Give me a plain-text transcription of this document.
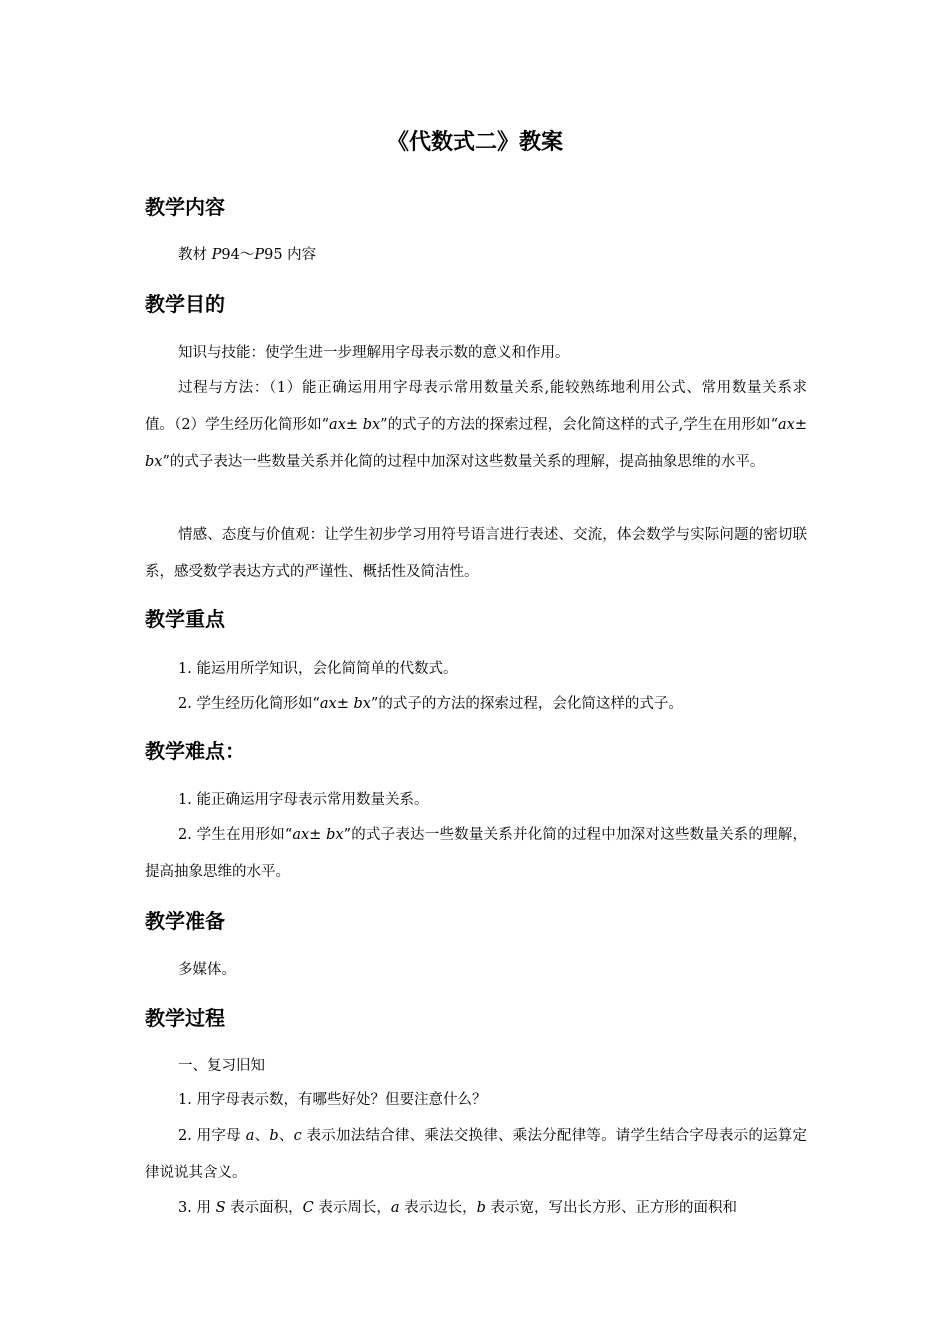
《代数式二》教案
教学内容

教材 P94～P95 内容

教学目的

知识与技能：使学生进一步理解用字母表示数的意义和作用。

过程与方法：（1）能正确运用用字母表示常用数量关系,能较熟练地利用公式、常用数量关系求值。（2）学生经历化简形如“ax± bx”的式子的方法的探索过程，会化简这样的式子,学生在用形如“ax± bx”的式子表达一些数量关系并化简的过程中加深对这些数量关系的理解，提高抽象思维的水平。

情感、态度与价值观：让学生初步学习用符号语言进行表述、交流，体会数学与实际问题的密切联系，感受数学表达方式的严谨性、概括性及简洁性。

教学重点

1. 能运用所学知识，会化简简单的代数式。

2. 学生经历化简形如“ax± bx”的式子的方法的探索过程，会化简这样的式子。

教学难点：

1. 能正确运用字母表示常用数量关系。

2. 学生在用形如“ax± bx”的式子表达一些数量关系并化简的过程中加深对这些数量关系的理解，提高抽象思维的水平。

教学准备

多媒体。

教学过程

一、复习旧知

1. 用字母表示数，有哪些好处？但要注意什么？

2. 用字母 a、b、c 表示加法结合律、乘法交换律、乘法分配律等。请学生结合字母表示的运算定律说说其含义。

3. 用 S 表示面积，C 表示周长，a 表示边长，b 表示宽，写出长方形、正方形的面积和
